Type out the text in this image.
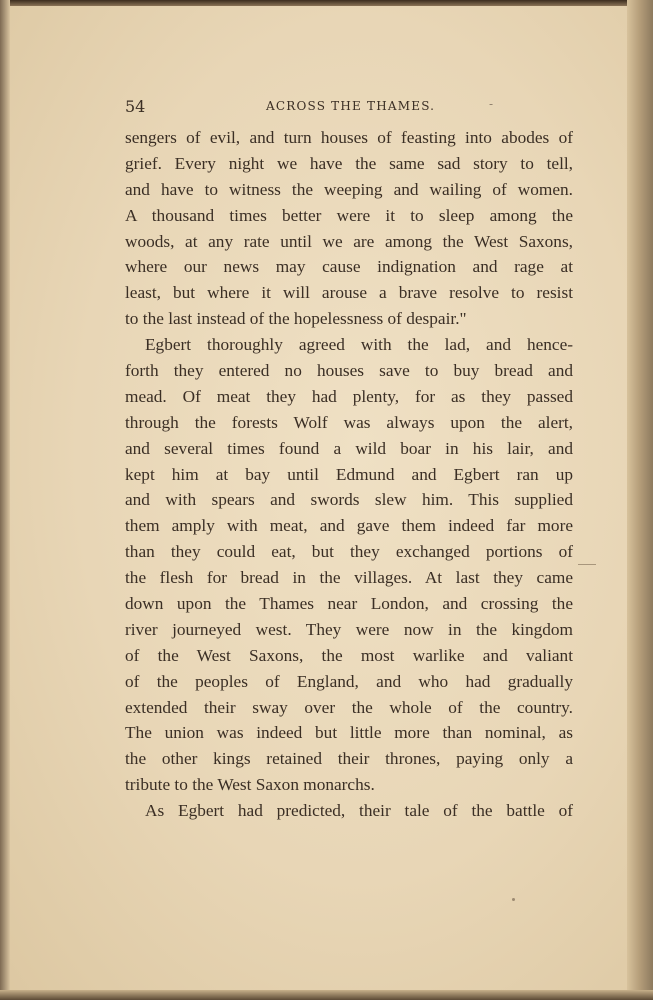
54	ACROSS THE THAMES.	-
sengers of evil, and turn houses of feasting into abodes of
grief. Every night we have the same sad story to tell,
and have to witness the weeping and wailing of women.
A thousand times better were it to sleep among the
woods, at any rate until we are among the West Saxons,
where our news may cause indignation and rage at
least, but where it will arouse a brave resolve to resist
to the last instead of the hopelessness of despair."
Egbert thoroughly agreed with the lad, and hence-
forth they entered no houses save to buy bread and
mead. Of meat they had plenty, for as they passed
through the forests Wolf was always upon the alert,
and several times found a wild boar in his lair, and
kept him at bay until Edmund and Egbert ran up
and with spears and swords slew him. This supplied
them amply with meat, and gave them indeed far more
than they could eat, but they exchanged portions of
the flesh for bread in the villages. At last they came
down upon the Thames near London, and crossing the
river journeyed west. They were now in the kingdom
of the West Saxons, the most warlike and valiant
of the peoples of England, and who had gradually
extended their sway over the whole of the country.
The union was indeed but little more than nominal, as
the other kings retained their thrones, paying only a
tribute to the West Saxon monarchs.
As Egbert had predicted, their tale of the battle of
